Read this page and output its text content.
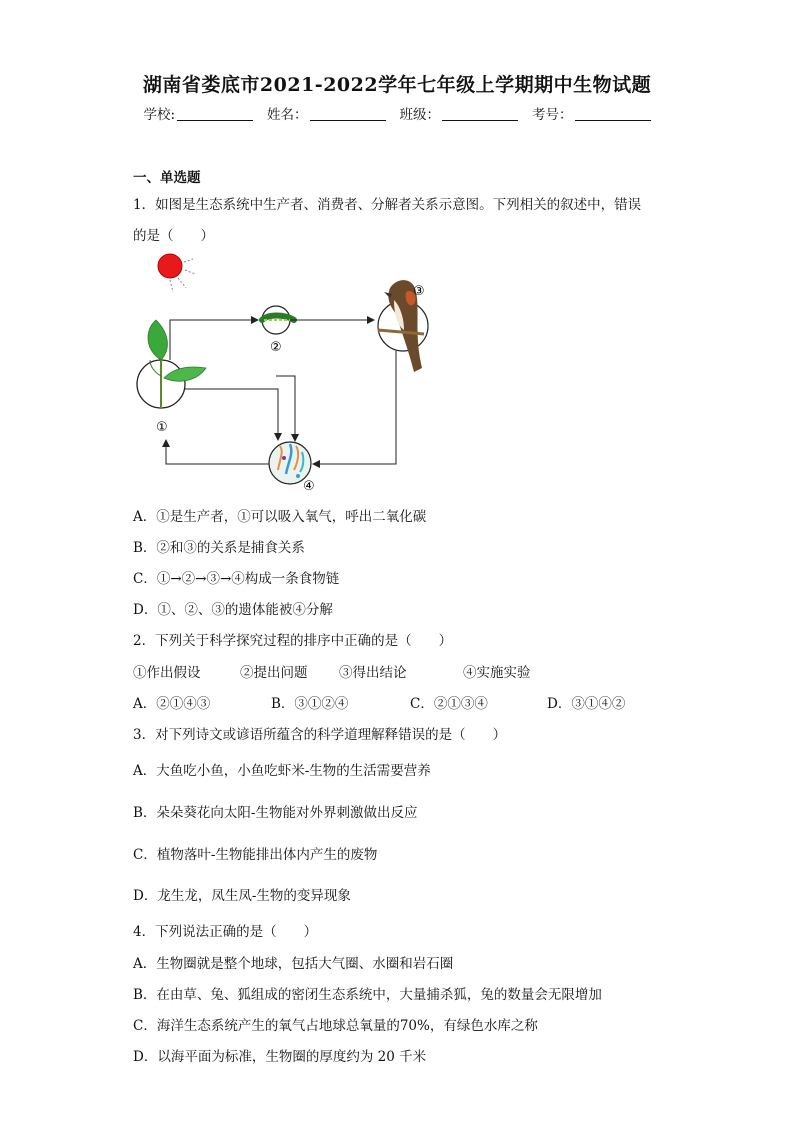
湖南省娄底市2021-2022学年七年级上学期期中生物试题
学校:	姓名：	班级：	考号：
一、单选题
1．如图是生态系统中生产者、消费者、分解者关系示意图。下列相关的叙述中，错误
的是（　　）
①
②
③
④
A．①是生产者，①可以吸入氧气，呼出二氧化碳
B．②和③的关系是捕食关系
C．①→②→③→④构成一条食物链
D．①、②、③的遗体能被④分解
2．下列关于科学探究过程的排序中正确的是（　　）
①作出假设	②提出问题 ③得出结论	④实施实验
A．②①④③	B．③①②④	C．②①③④	D．③①④②
3．对下列诗文或谚语所蕴含的科学道理解释错误的是（　　）
A．大鱼吃小鱼，小鱼吃虾米-生物的生活需要营养
B．朵朵葵花向太阳-生物能对外界刺激做出反应
C．植物落叶-生物能排出体内产生的废物
D．龙生龙，凤生凤-生物的变异现象
4．下列说法正确的是（　　）
A．生物圈就是整个地球，包括大气圈、水圈和岩石圈
B．在由草、兔、狐组成的密闭生态系统中，大量捕杀狐，兔的数量会无限增加
C．海洋生态系统产生的氧气占地球总氧量的70%，有绿色水库之称
D．以海平面为标准，生物圈的厚度约为 20 千米
